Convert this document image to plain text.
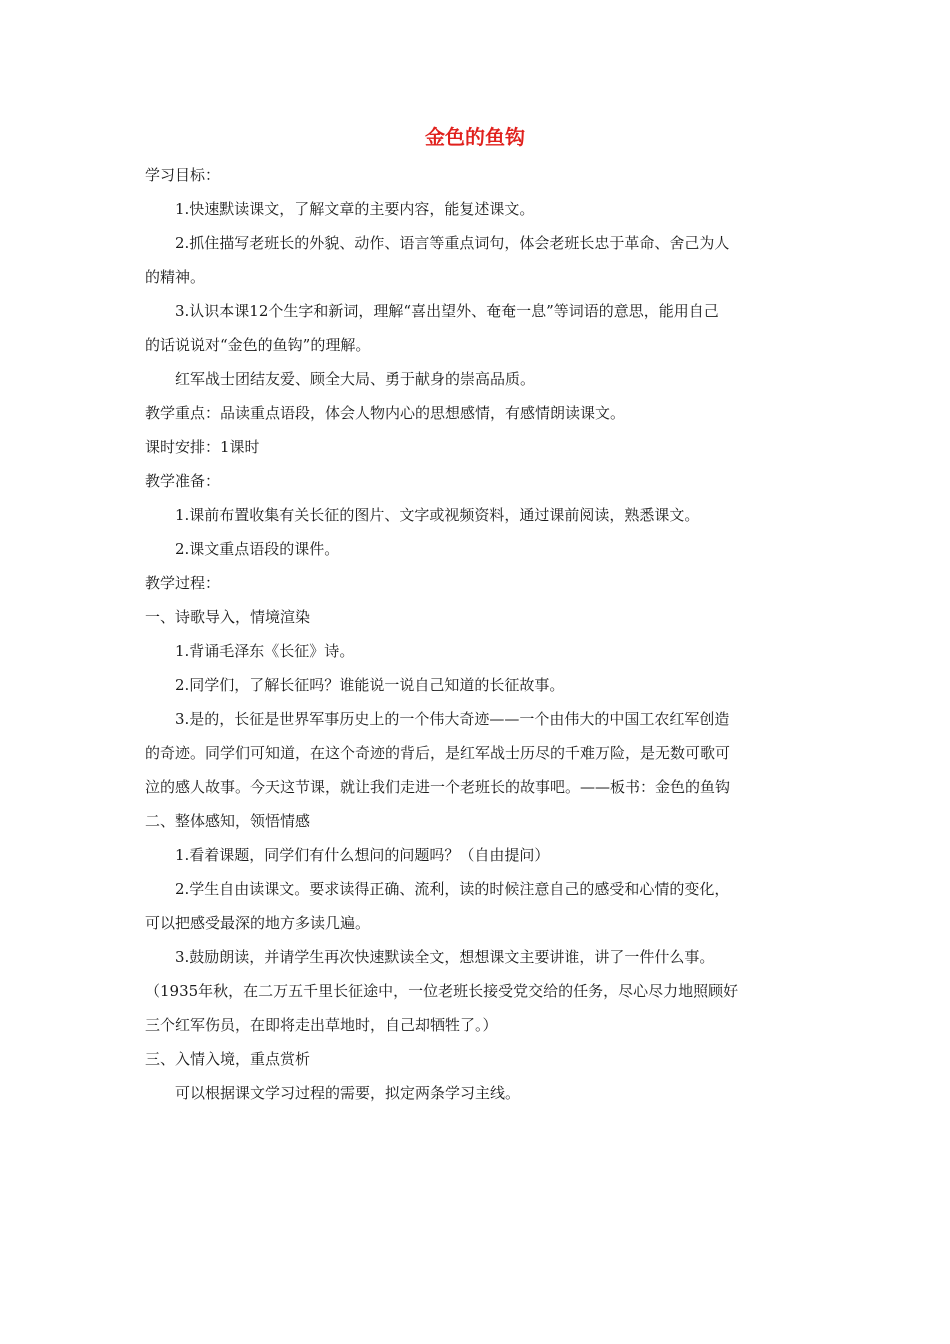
金色的鱼钩

学习目标：

1.快速默读课文，了解文章的主要内容，能复述课文。

2.抓住描写老班长的外貌、动作、语言等重点词句，体会老班长忠于革命、舍己为人

的精神。

3.认识本课12个生字和新词，理解“喜出望外、奄奄一息”等词语的意思，能用自己

的话说说对“金色的鱼钩”的理解。

红军战士团结友爱、顾全大局、勇于献身的崇高品质。

教学重点：品读重点语段，体会人物内心的思想感情，有感情朗读课文。

课时安排：1课时

教学准备：

1.课前布置收集有关长征的图片、文字或视频资料，通过课前阅读，熟悉课文。

2.课文重点语段的课件。

教学过程：

一、诗歌导入，情境渲染

1.背诵毛泽东《长征》诗。

2.同学们，了解长征吗？谁能说一说自己知道的长征故事。

3.是的，长征是世界军事历史上的一个伟大奇迹——一个由伟大的中国工农红军创造

的奇迹。同学们可知道，在这个奇迹的背后，是红军战士历尽的千难万险，是无数可歌可

泣的感人故事。今天这节课，就让我们走进一个老班长的故事吧。——板书：金色的鱼钩

二、整体感知，领悟情感

1.看着课题，同学们有什么想问的问题吗？（自由提问）

2.学生自由读课文。要求读得正确、流利，读的时候注意自己的感受和心情的变化，

可以把感受最深的地方多读几遍。

3.鼓励朗读，并请学生再次快速默读全文，想想课文主要讲谁，讲了一件什么事。

（1935年秋，在二万五千里长征途中，一位老班长接受党交给的任务，尽心尽力地照顾好

三个红军伤员，在即将走出草地时，自己却牺牲了。）

三、入情入境，重点赏析

可以根据课文学习过程的需要，拟定两条学习主线。
